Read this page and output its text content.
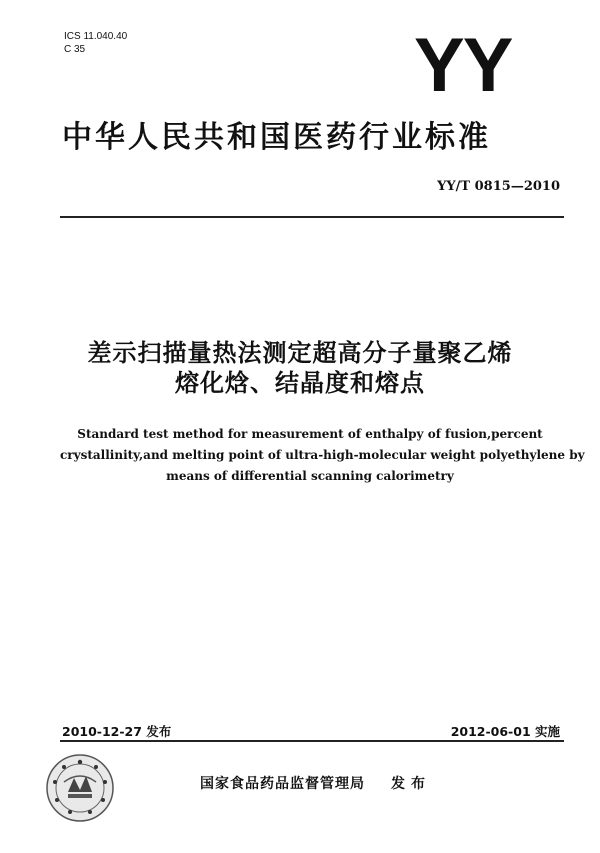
ICS 11.040.40
C 35	YY
中华人民共和国医药行业标准
YY/T 0815—2010
差示扫描量热法测定超高分子量聚乙烯
熔化焓、结晶度和熔点
Standard test method for measurement of enthalpy of fusion,percent
crystallinity,and melting point of ultra-high-molecular weight polyethylene by
means of differential scanning calorimetry
2010-12-27 发布	2012-06-01 实施
国家食品药品监督管理局 发布
